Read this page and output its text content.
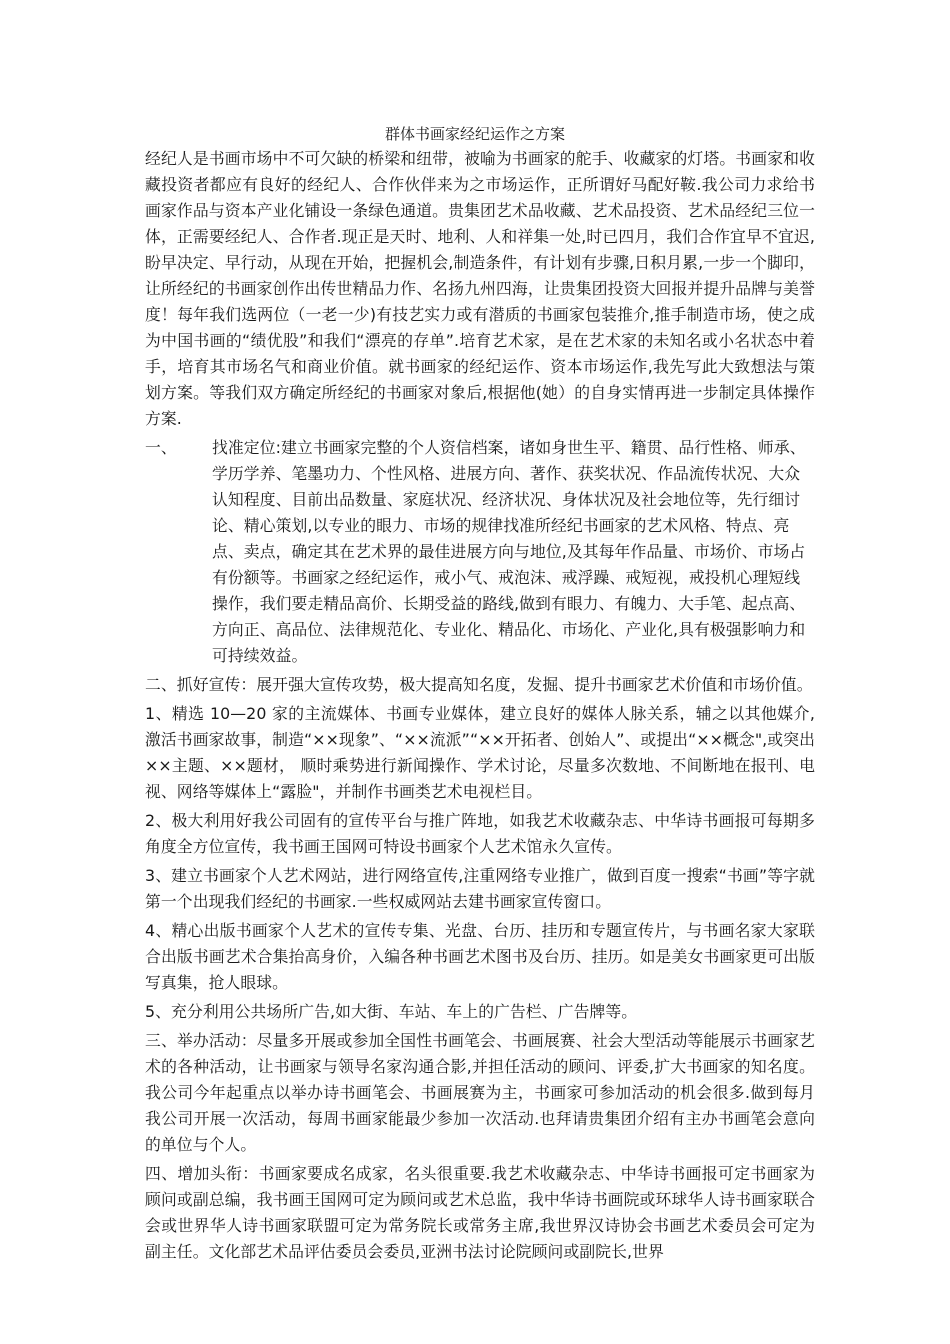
群体书画家经纪运作之方案

经纪人是书画市场中不可欠缺的桥梁和纽带，被喻为书画家的舵手、收藏家的灯塔。书画家和收藏投资者都应有良好的经纪人、合作伙伴来为之市场运作，正所谓好马配好鞍.我公司力求给书画家作品与资本产业化铺设一条绿色通道。贵集团艺术品收藏、艺术品投资、艺术品经纪三位一体，正需要经纪人、合作者.现正是天时、地利、人和祥集一处,时已四月，我们合作宜早不宜迟,盼早决定、早行动，从现在开始，把握机会,制造条件，有计划有步骤,日积月累,一步一个脚印，让所经纪的书画家创作出传世精品力作、名扬九州四海，让贵集团投资大回报并提升品牌与美誉度！每年我们选两位（一老一少)有技艺实力或有潜质的书画家包装推介,推手制造市场，使之成为中国书画的“绩优股”和我们“漂亮的存单”.培育艺术家，是在艺术家的未知名或小名状态中着手，培育其市场名气和商业价值。就书画家的经纪运作、资本市场运作,我先写此大致想法与策划方案。等我们双方确定所经纪的书画家对象后,根据他(她）的自身实情再进一步制定具体操作方案.

一、	找准定位:建立书画家完整的个人资信档案，诸如身世生平、籍贯、品行性格、师承、学历学养、笔墨功力、个性风格、进展方向、著作、获奖状况、作品流传状况、大众认知程度、目前出品数量、家庭状况、经济状况、身体状况及社会地位等，先行细讨论、精心策划,以专业的眼力、市场的规律找准所经纪书画家的艺术风格、特点、亮点、卖点，确定其在艺术界的最佳进展方向与地位,及其每年作品量、市场价、市场占有份额等。书画家之经纪运作，戒小气、戒泡沫、戒浮躁、戒短视，戒投机心理短线操作，我们要走精品高价、长期受益的路线,做到有眼力、有魄力、大手笔、起点高、方向正、高品位、法律规范化、专业化、精品化、市场化、产业化,具有极强影响力和可持续效益。

二、抓好宣传：展开强大宣传攻势，极大提高知名度，发掘、提升书画家艺术价值和市场价值。

1、精选 10—20 家的主流媒体、书画专业媒体，建立良好的媒体人脉关系，辅之以其他媒介,激活书画家故事，制造“××现象”、“××流派”“××开拓者、创始人”、或提出“××概念",或突出××主题、××题材， 顺时乘势进行新闻操作、学术讨论，尽量多次数地、不间断地在报刊、电视、网络等媒体上“露脸"，并制作书画类艺术电视栏目。

2、极大利用好我公司固有的宣传平台与推广阵地，如我艺术收藏杂志、中华诗书画报可每期多角度全方位宣传，我书画王国网可特设书画家个人艺术馆永久宣传。

3、建立书画家个人艺术网站，进行网络宣传,注重网络专业推广，做到百度一搜索“书画”等字就第一个出现我们经纪的书画家.一些权威网站去建书画家宣传窗口。

4、精心出版书画家个人艺术的宣传专集、光盘、台历、挂历和专题宣传片，与书画名家大家联合出版书画艺术合集抬高身价，入编各种书画艺术图书及台历、挂历。如是美女书画家更可出版写真集，抢人眼球。

5、充分利用公共场所广告,如大街、车站、车上的广告栏、广告牌等。

三、举办活动：尽量多开展或参加全国性书画笔会、书画展赛、社会大型活动等能展示书画家艺术的各种活动，让书画家与领导名家沟通合影,并担任活动的顾问、评委,扩大书画家的知名度。我公司今年起重点以举办诗书画笔会、书画展赛为主，书画家可参加活动的机会很多.做到每月我公司开展一次活动，每周书画家能最少参加一次活动.也拜请贵集团介绍有主办书画笔会意向的单位与个人。

四、增加头衔：书画家要成名成家，名头很重要.我艺术收藏杂志、中华诗书画报可定书画家为顾问或副总编，我书画王国网可定为顾问或艺术总监，我中华诗书画院或环球华人诗书画家联合会或世界华人诗书画家联盟可定为常务院长或常务主席,我世界汉诗协会书画艺术委员会可定为副主任。文化部艺术品评估委员会委员,亚洲书法讨论院顾问或副院长,世界
